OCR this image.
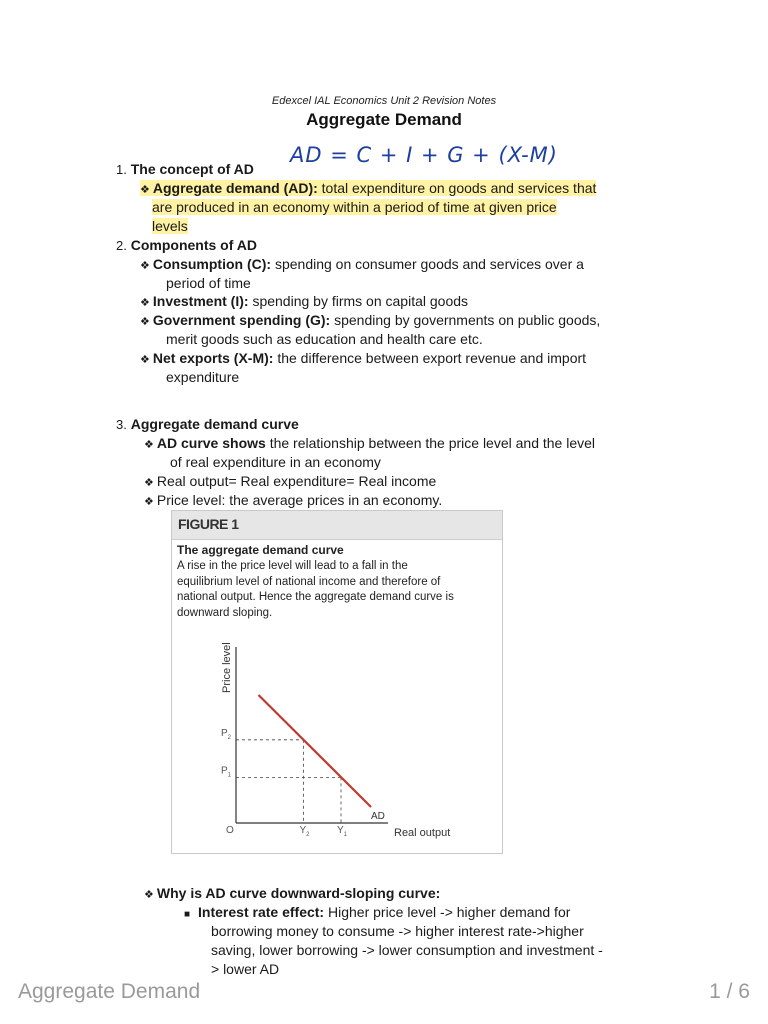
Edexcel IAL Economics Unit 2 Revision Notes
Aggregate Demand
AD = C + I + G + (X-M)
1. The concept of AD
❖ Aggregate demand (AD): total expenditure on goods and services that
are produced in an economy within a period of time at given price
levels
2. Components of AD
❖ Consumption (C): spending on consumer goods and services over a
period of time
❖ Investment (I): spending by firms on capital goods
❖ Government spending (G): spending by governments on public goods,
merit goods such as education and health care etc.
❖ Net exports (X-M): the difference between export revenue and import
expenditure
3. Aggregate demand curve
❖ AD curve shows the relationship between the price level and the level
of real expenditure in an economy
❖ Real output= Real expenditure= Real income
❖ Price level: the average prices in an economy.
FIGURE 1
The aggregate demand curve
A rise in the price level will lead to a fall in the
equilibrium level of national income and therefore of
national output. Hence the aggregate demand curve is
downward sloping.
Price level
O	Real output
$P_2$
$Y_2$
$P_1$
$Y_1$
AD
❖ Why is AD curve downward-sloping curve:
■ Interest rate effect: Higher price level -> higher demand for
borrowing money to consume -> higher interest rate->higher
saving, lower borrowing -> lower consumption and investment -
> lower AD
Aggregate Demand	1 / 6
